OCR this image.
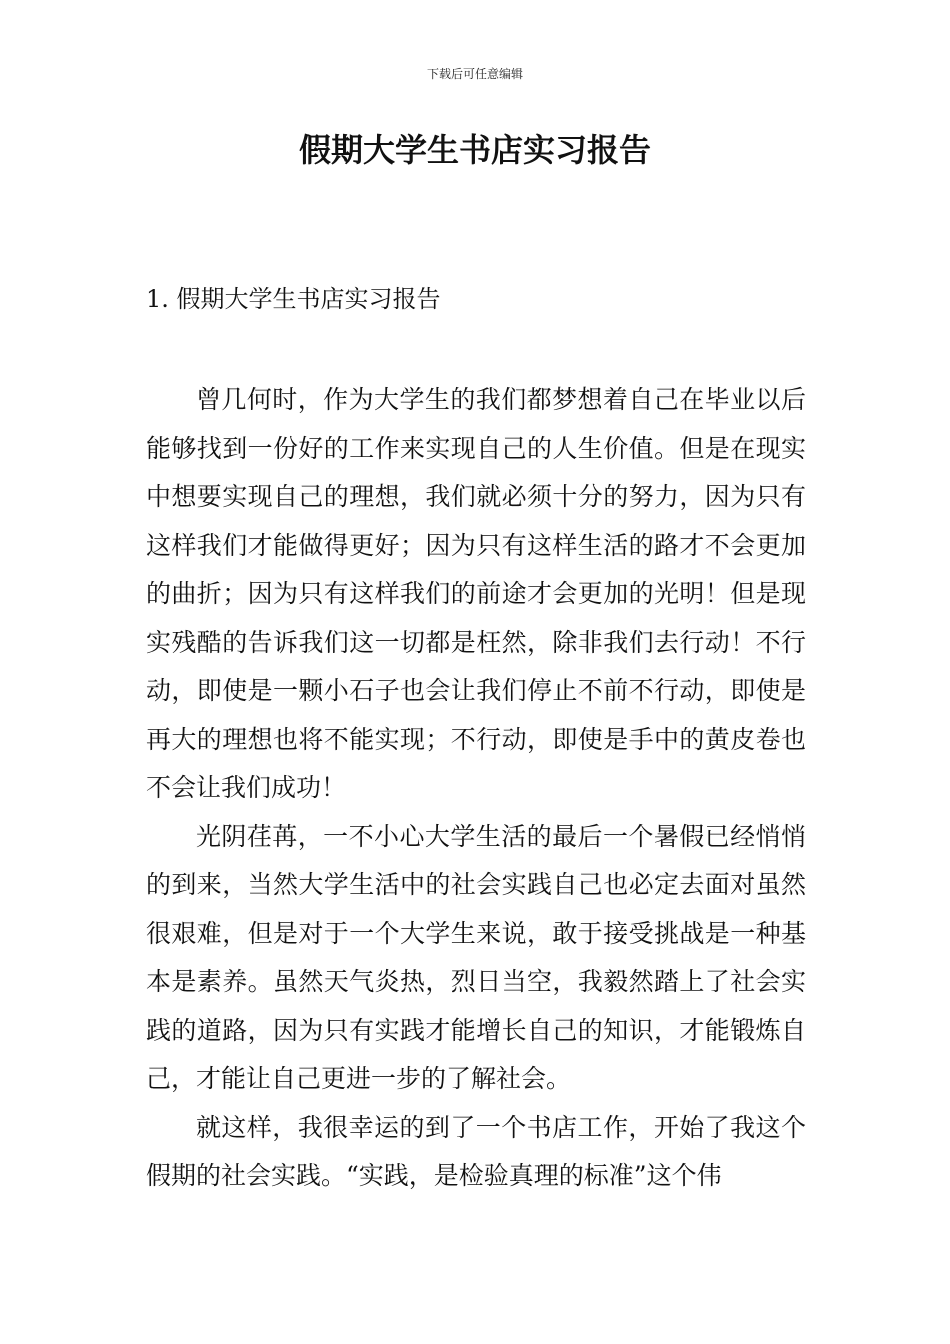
下载后可任意编辑
假期大学生书店实习报告
1. 假期大学生书店实习报告

曾几何时，作为大学生的我们都梦想着自己在毕业以后能够找到一份好的工作来实现自己的人生价值。但是在现实中想要实现自己的理想，我们就必须十分的努力，因为只有这样我们才能做得更好；因为只有这样生活的路才不会更加的曲折；因为只有这样我们的前途才会更加的光明！但是现实残酷的告诉我们这一切都是枉然，除非我们去行动！不行动，即使是一颗小石子也会让我们停止不前不行动，即使是再大的理想也将不能实现；不行动，即使是手中的黄皮卷也不会让我们成功！

光阴荏苒，一不小心大学生活的最后一个暑假已经悄悄的到来，当然大学生活中的社会实践自己也必定去面对虽然很艰难，但是对于一个大学生来说，敢于接受挑战是一种基本是素养。虽然天气炎热，烈日当空，我毅然踏上了社会实践的道路，因为只有实践才能增长自己的知识，才能锻炼自己，才能让自己更进一步的了解社会。

就这样，我很幸运的到了一个书店工作，开始了我这个假期的社会实践。“实践，是检验真理的标准”这个伟
